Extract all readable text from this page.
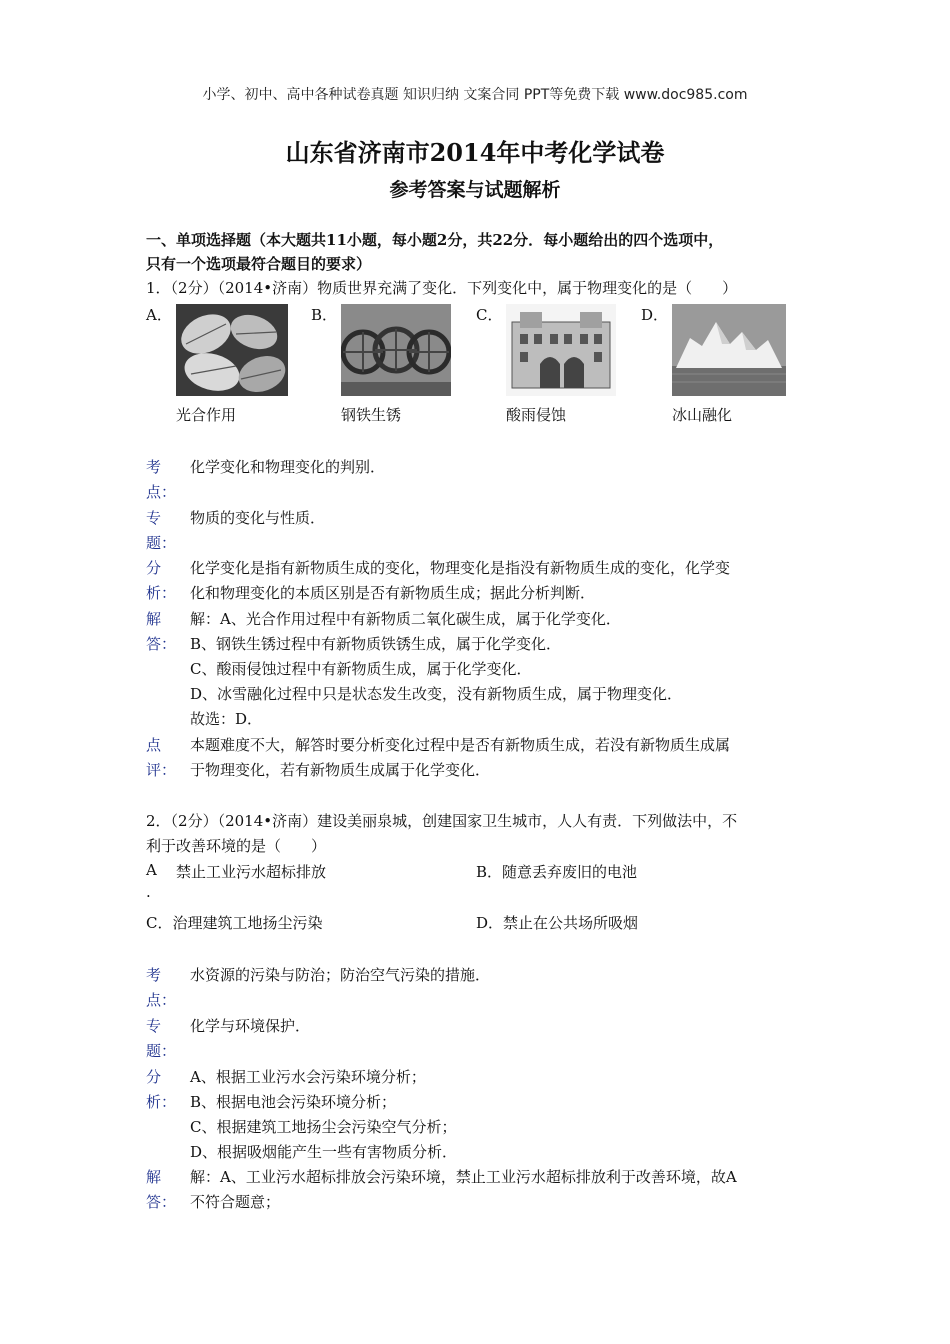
小学、初中、高中各种试卷真题 知识归纳 文案合同 PPT等免费下载 www.doc985.com
山东省济南市2014年中考化学试卷
参考答案与试题解析
一、单项选择题（本大题共11小题，每小题2分，共22分．每小题给出的四个选项中，
只有一个选项最符合题目的要求）
1．（2分）（2014•济南）物质世界充满了变化．下列变化中，属于物理变化的是（　　）
A．	B．	C．	D．
光合作用	钢铁生锈	酸雨侵蚀	冰山融化
考
点：
化学变化和物理变化的判别．
专
题：
物质的变化与性质．
分
析：
化学变化是指有新物质生成的变化，物理变化是指没有新物质生成的变化，化学变
化和物理变化的本质区别是否有新物质生成；据此分析判断．
解
答：
解：A、光合作用过程中有新物质二氧化碳生成，属于化学变化．
B、钢铁生锈过程中有新物质铁锈生成，属于化学变化．
C、酸雨侵蚀过程中有新物质生成，属于化学变化．
D、冰雪融化过程中只是状态发生改变，没有新物质生成，属于物理变化．
故选：D．
点
评：
本题难度不大，解答时要分析变化过程中是否有新物质生成，若没有新物质生成属
于物理变化，若有新物质生成属于化学变化．
2．（2分）（2014•济南）建设美丽泉城，创建国家卫生城市，人人有责．下列做法中，不
利于改善环境的是（　　）
A 禁止工业污水超标排放
.
B．随意丢弃废旧的电池
C．治理建筑工地扬尘污染	D．禁止在公共场所吸烟
考
点：
水资源的污染与防治；防治空气污染的措施．
专
题：
化学与环境保护．
分
析：
A、根据工业污水会污染环境分析；
B、根据电池会污染环境分析；
C、根据建筑工地扬尘会污染空气分析；
D、根据吸烟能产生一些有害物质分析．
解
答：
解：A、工业污水超标排放会污染环境，禁止工业污水超标排放利于改善环境，故A
不符合题意；
